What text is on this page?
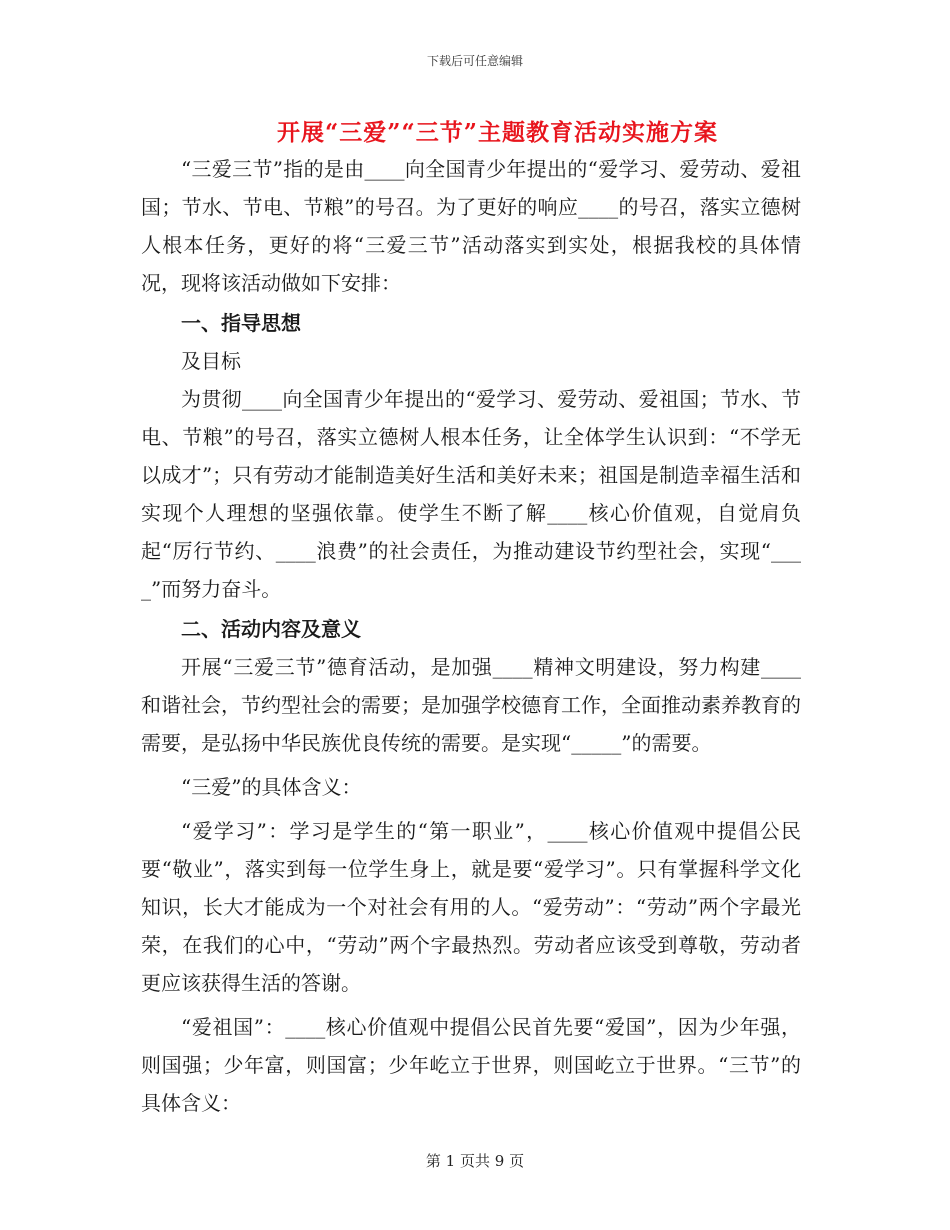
下载后可任意编辑
开展“三爱”“三节”主题教育活动实施方案

“三爱三节”指的是由____向全国青少年提出的“爱学习、爱劳动、爱祖国；节水、节电、节粮”的号召。为了更好的响应____的号召，落实立德树人根本任务，更好的将“三爱三节”活动落实到实处，根据我校的具体情况，现将该活动做如下安排：

一、指导思想

及目标

为贯彻____向全国青少年提出的“爱学习、爱劳动、爱祖国；节水、节电、节粮”的号召，落实立德树人根本任务，让全体学生认识到：“不学无以成才”；只有劳动才能制造美好生活和美好未来；祖国是制造幸福生活和实现个人理想的坚强依靠。使学生不断了解____核心价值观，自觉肩负起“厉行节约、____浪费”的社会责任，为推动建设节约型社会，实现“____”而努力奋斗。

二、活动内容及意义

开展“三爱三节”德育活动，是加强____精神文明建设，努力构建____和谐社会，节约型社会的需要；是加强学校德育工作，全面推动素养教育的需要，是弘扬中华民族优良传统的需要。是实现“_____”的需要。

“三爱”的具体含义：

“爱学习”：学习是学生的“第一职业”，____核心价值观中提倡公民要“敬业”，落实到每一位学生身上，就是要“爱学习”。只有掌握科学文化知识，长大才能成为一个对社会有用的人。“爱劳动”：“劳动”两个字最光荣，在我们的心中，“劳动”两个字最热烈。劳动者应该受到尊敬，劳动者更应该获得生活的答谢。

“爱祖国”：____核心价值观中提倡公民首先要“爱国”，因为少年强，则国强；少年富，则国富；少年屹立于世界，则国屹立于世界。“三节”的具体含义：

第 1 页共 9 页
